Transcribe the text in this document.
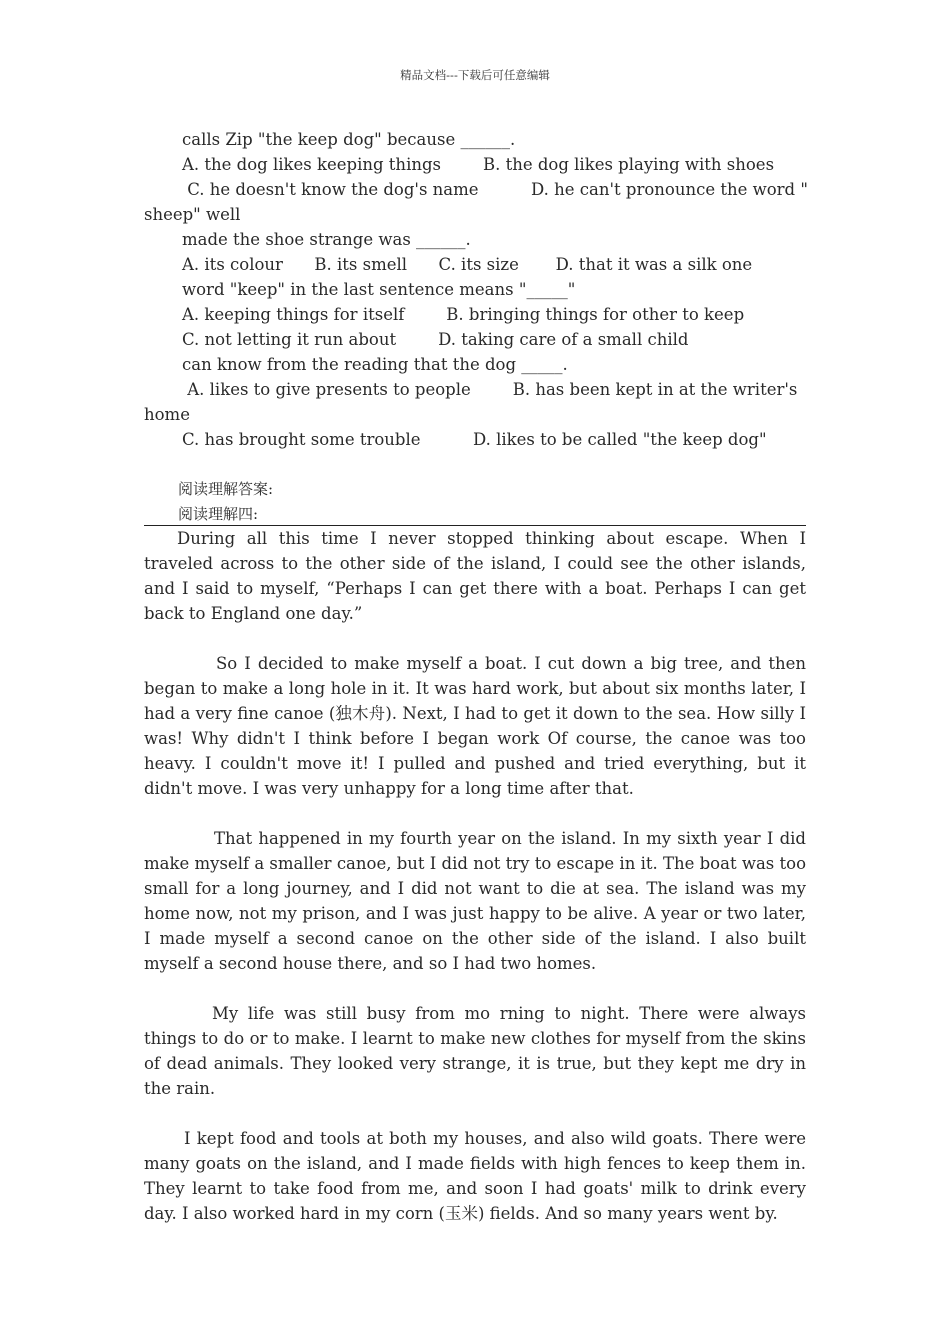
精品文档---下载后可任意编辑
calls Zip "the keep dog" because ______.
A. the dog likes keeping things        B. the dog likes playing with shoes
C. he doesn't know the dog's name          D. he can't pronounce the word "
sheep" well
made the shoe strange was ______.
A. its colour      B. its smell      C. its size       D. that it was a silk one
word "keep" in the last sentence means "_____"
A. keeping things for itself        B. bringing things for other to keep
C. not letting it run about        D. taking care of a small child
can know from the reading that the dog _____.
A. likes to give presents to people        B. has been kept in at the writer's
home
C. has brought some trouble          D. likes to be called "the keep dog"
阅读理解答案:
阅读理解四:

During all this time I never stopped thinking about escape. When I traveled across to the other side of the island, I could see the other islands, and I said to myself, “Perhaps I can get there with a boat. Perhaps I can get back to England one day.”

So I decided to make myself a boat. I cut down a big tree, and then began to make a long hole in it. It was hard work, but about six months later, I had a very fine canoe (独木舟). Next, I had to get it down to the sea. How silly I was! Why didn't I think before I began work Of course, the canoe was too heavy. I couldn't move it! I pulled and pushed and tried everything, but it didn't move. I was very unhappy for a long time after that.

That happened in my fourth year on the island. In my sixth year I did make myself a smaller canoe, but I did not try to escape in it. The boat was too small for a long journey, and I did not want to die at sea. The island was my home now, not my prison, and I was just happy to be alive. A year or two later, I made myself a second canoe on the other side of the island. I also built myself a second house there, and so I had two homes.

My life was still busy from mo rning to night. There were always things to do or to make. I learnt to make new clothes for myself from the skins of dead animals. They looked very strange, it is true, but they kept me dry in the rain.

I kept food and tools at both my houses, and also wild goats. There were many goats on the island, and I made fields with high fences to keep them in. They learnt to take food from me, and soon I had goats' milk to drink every day. I also worked hard in my corn (玉米) fields. And so many years went by.
